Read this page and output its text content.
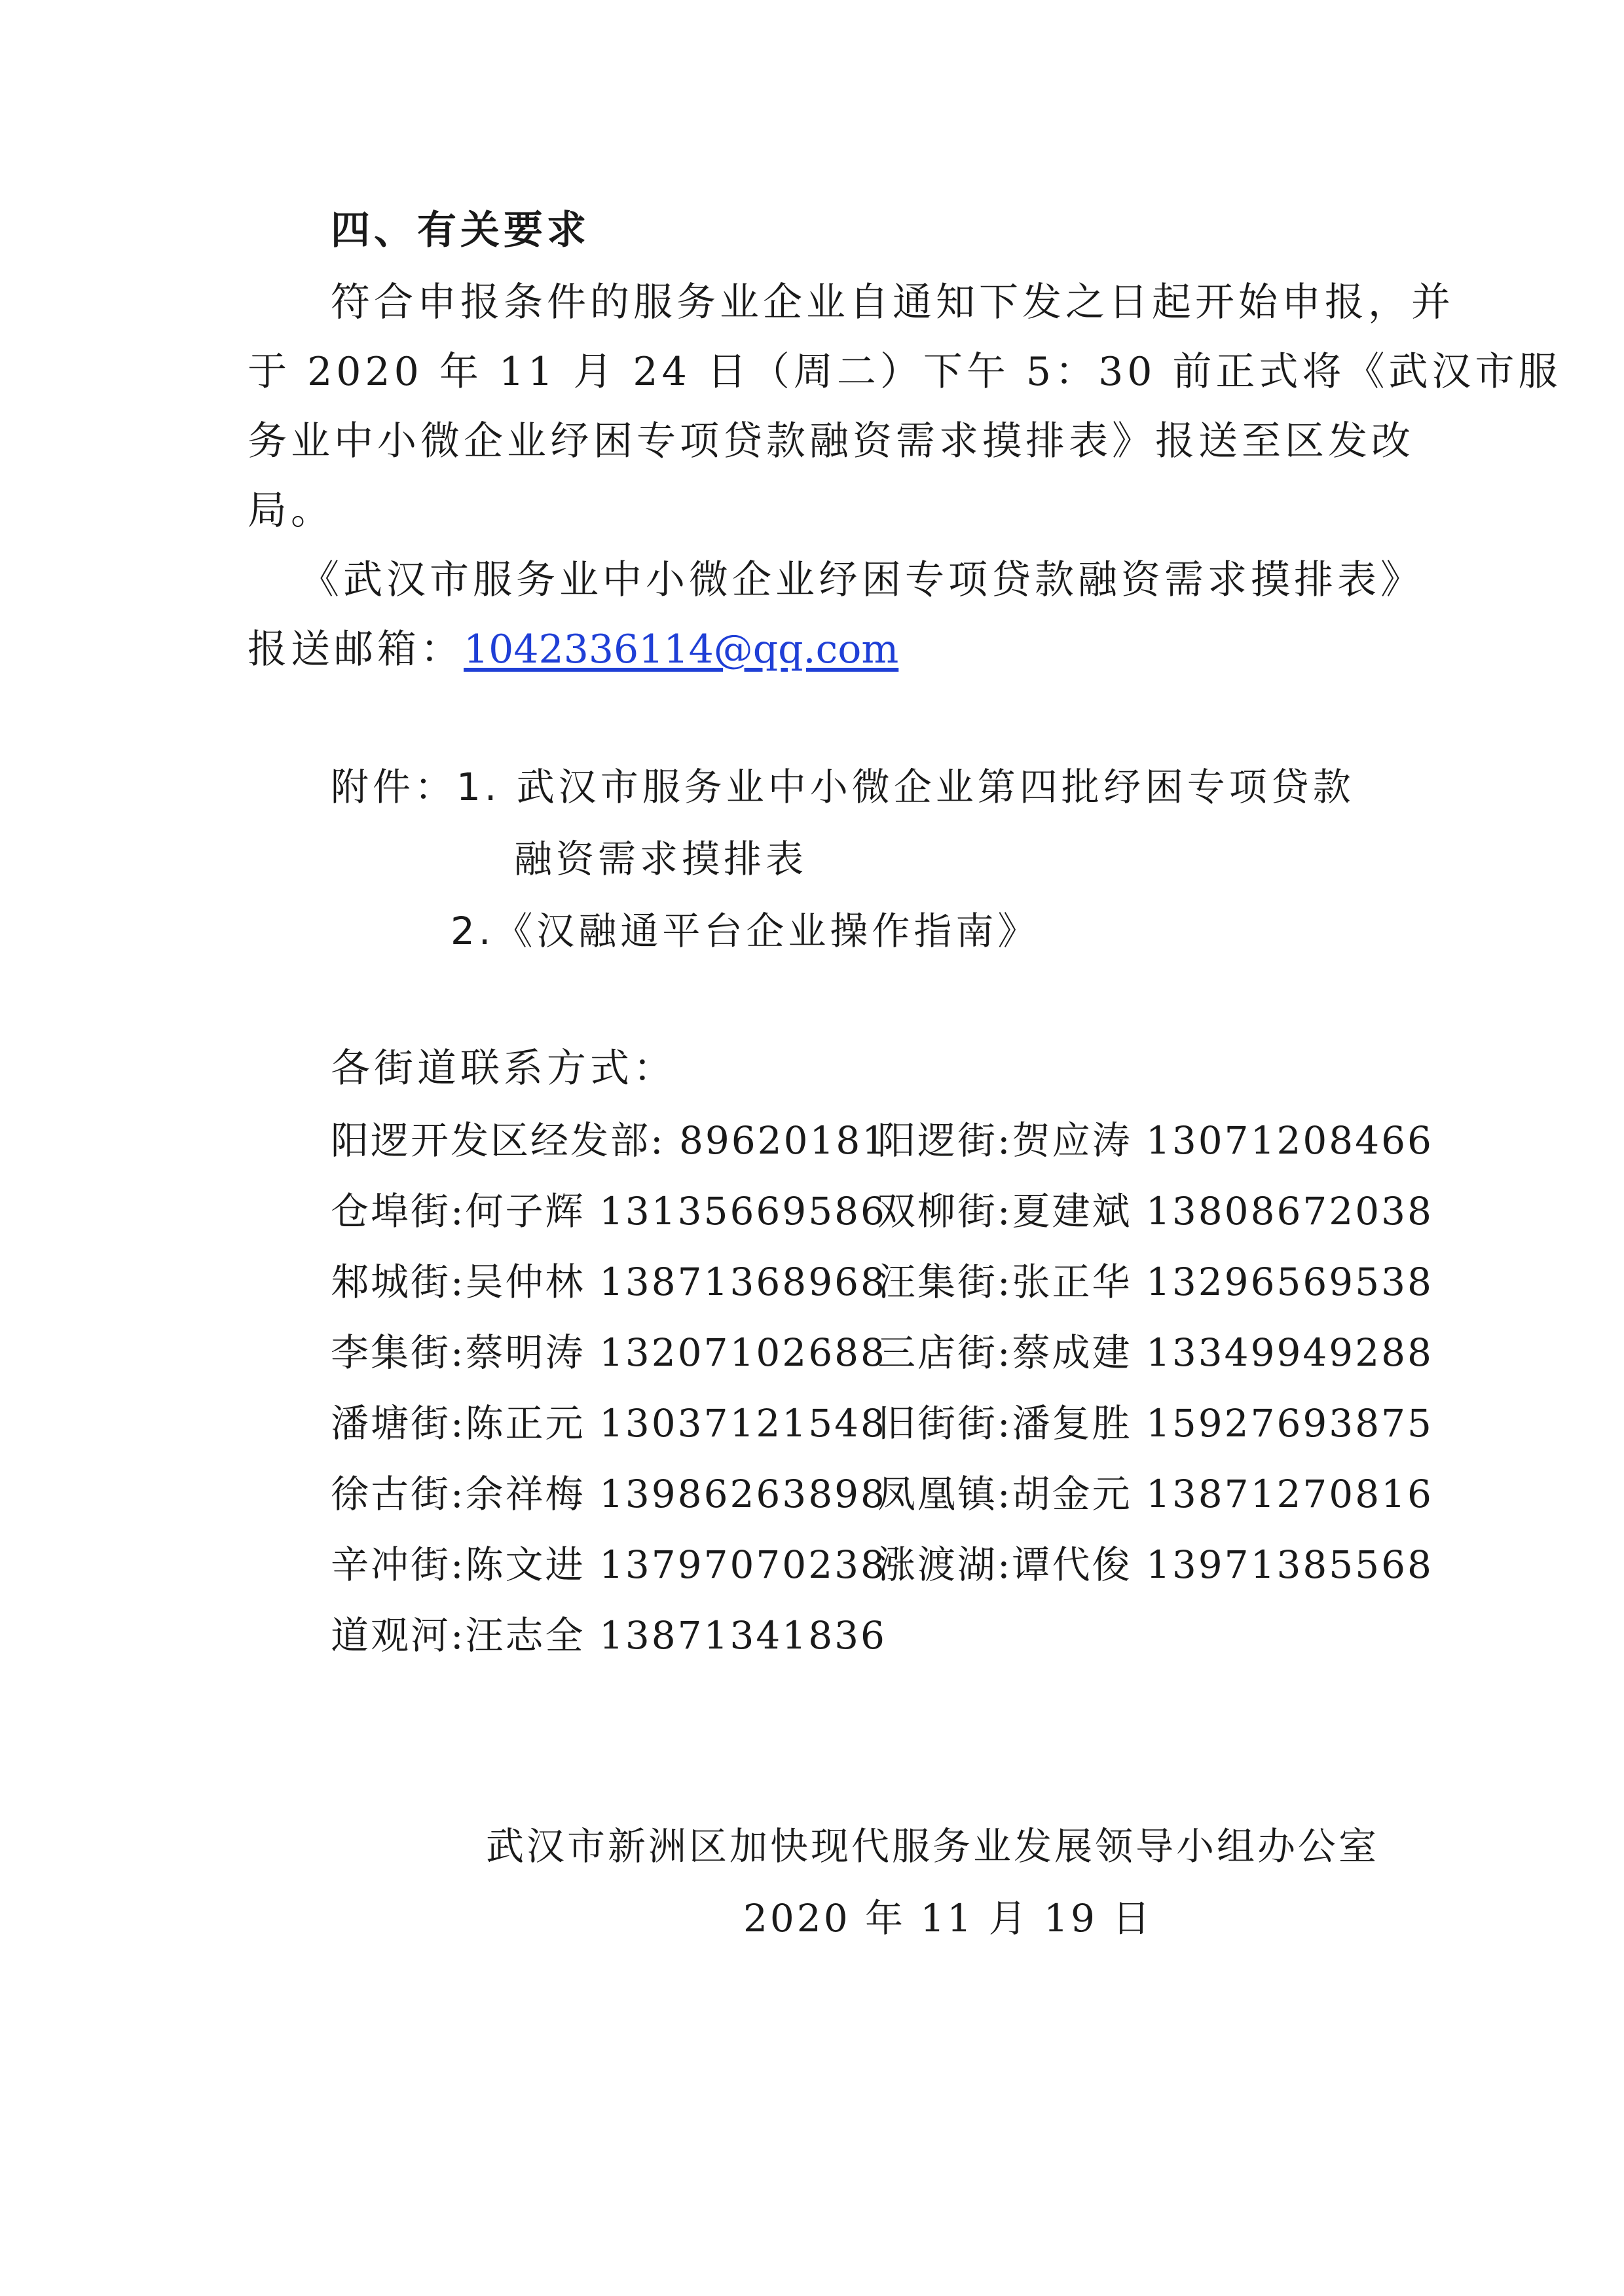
四、有关要求
符合申报条件的服务业企业自通知下发之日起开始申报，并
于 2020 年 11 月 24 日（周二）下午 5：30 前正式将《武汉市服
务业中小微企业纾困专项贷款融资需求摸排表》报送至区发改
局。
《武汉市服务业中小微企业纾困专项贷款融资需求摸排表》
报送邮箱：1042336114@qq.com
附件：1. 武汉市服务业中小微企业第四批纾困专项贷款
融资需求摸排表
2.《汉融通平台企业操作指南》
各街道联系方式：
阳逻开发区经发部: 89620181
仓埠街:何子辉 13135669586
邾城街:吴仲林 13871368968
李集街:蔡明涛 13207102688
潘塘街:陈正元 13037121548
徐古街:余祥梅 13986263898
辛冲街:陈文进 13797070238
道观河:汪志全 13871341836
阳逻街:贺应涛 13071208466
双柳街:夏建斌 13808672038
汪集街:张正华 13296569538
三店街:蔡成建 13349949288
旧街街:潘复胜 15927693875
凤凰镇:胡金元 13871270816
涨渡湖:谭代俊 13971385568
武汉市新洲区加快现代服务业发展领导小组办公室
2020 年 11 月 19 日
